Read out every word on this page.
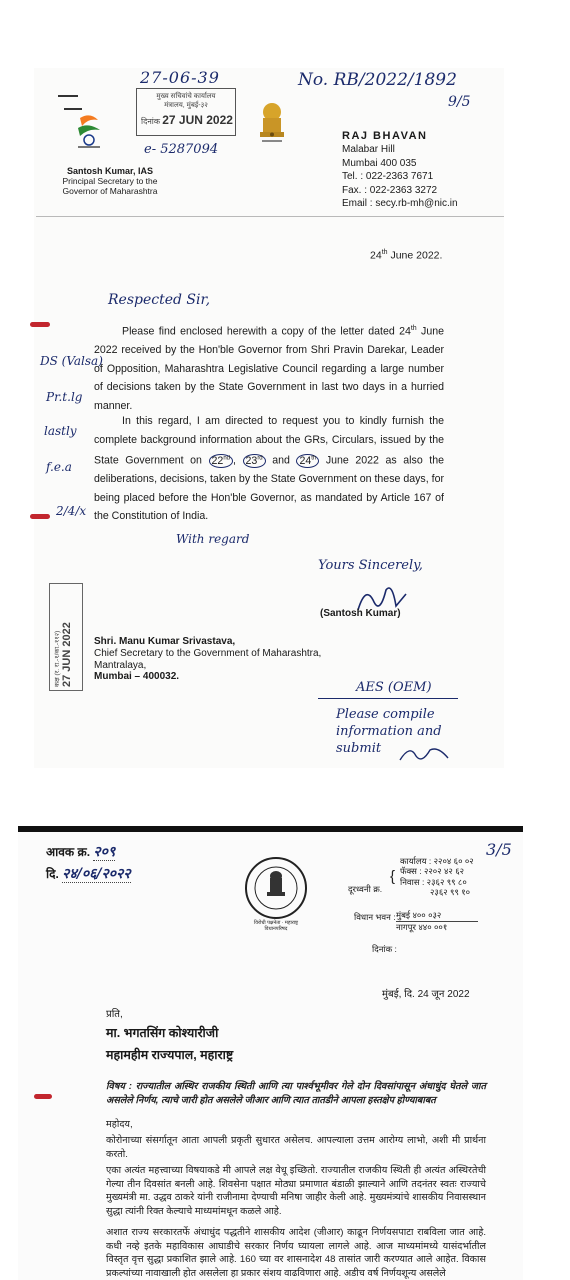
27-06-39	No. RB/2022/1892
9/5
मुख्य सचिवांचे कार्यालय
मंत्रालय, मुंबई-३२
दिनांक 27 JUN 2022
e- 5287094
Santosh Kumar, IAS
Principal Secretary to the
Governor of Maharashtra
RAJ BHAVAN
Malabar Hill
Mumbai 400 035
Tel. : 022-2363 7671
Fax. : 022-2363 3272
Email : secy.rb-mh@nic.in
24th June 2022.
Respected Sir,
Please find enclosed herewith a copy of the letter dated 24th June 2022 received by the Hon'ble Governor from Shri Pravin Darekar, Leader of Opposition, Maharashtra Legislative Council regarding a large number of decisions taken by the State Government in last two days in a hurried manner.
In this regard, I am directed to request you to kindly furnish the complete background information about the GRs, Circulars, issued by the State Government on 22nd , 23rd and 24th June 2022 as also the deliberations, decisions, taken by the State Government on these days, for being placed before the Hon'ble Governor, as mandated by Article 167 of the Constitution of India.
DS (Valsa)
Pr.t.lg
lastly
f.e.a
2/4/x
With regard
Yours Sincerely,
(Santosh Kumar)
Shri. Manu Kumar Srivastava,
Chief Secretary to the Government of Maharashtra,
Mantralaya,
Mumbai – 400032.
कक्ष (र. रा.-१/का.-११२) 27 JUN 2022
AES (OEM)
Please compile
information and
submit
आवक क्र. २०९
दि. २४/०६/२०२२
3/5
विरोधी पक्षनेता · महाराष्ट्र विधानपरिषद
दूरध्वनी क्र.
{
कार्यालय : २२०४ ६० ०२
फॅक्स : २२०२ ४२ ६२
निवास : २३६२ ९९ ८०
२३६२ ९९ १०
विधान भवन : मुंबई ४०० ०३२
नागपूर ४४० ००१
दिनांक :
मुंबई, दि. 24 जून 2022
प्रति,
मा. भगतसिंग कोश्यारीजी
महामहीम राज्यपाल, महाराष्ट्र
विषय : राज्यातील अस्थिर राजकीय स्थिती आणि त्या पार्श्वभूमीवर गेले दोन दिवसांपासून अंधाधुंद घेतले जात असलेले निर्णय, त्याचे जारी होत असलेले जीआर आणि त्यात तातडीने आपला हस्तक्षेप होण्याबाबत
महोदय,
कोरोनाच्या संसर्गातून आता आपली प्रकृती सुधारत असेलच. आपल्याला उत्तम आरोग्य लाभो, अशी मी प्रार्थना करतो.
एका अत्यंत महत्त्वाच्या विषयाकडे मी आपले लक्ष वेधू इच्छितो. राज्यातील राजकीय स्थिती ही अत्यंत अस्थिरतेची गेल्या तीन दिवसांत बनली आहे. शिवसेना पक्षात मोठ्या प्रमाणात बंडाळी झाल्याने आणि तदनंतर स्वतः राज्याचे मुख्यमंत्री मा. उद्धव ठाकरे यांनी राजीनामा देण्याची मनिषा जाहीर केली आहे. मुख्यमंत्र्यांचे शासकीय निवासस्थान सुद्धा त्यांनी रिक्त केल्याचे माध्यमांमधून कळले आहे.
अशात राज्य सरकारतर्फे अंधाधुंद पद्धतीने शासकीय आदेश (जीआर) काढून निर्णयसपाटा राबविला जात आहे. कधी नव्हे इतके महाविकास आघाडीचे सरकार निर्णय घ्यायला लागले आहे. आज माध्यमांमध्ये यासंदर्भातील विस्तृत वृत्त सुद्धा प्रकाशित झाले आहे. 160 च्या वर शासनादेश 48 तासांत जारी करण्यात आले आहेत. विकास प्रकल्पांच्या नावाखाली होत असलेला हा प्रकार संशय वाढविणारा आहे. अडीच वर्ष निर्णयशून्य असलेले
